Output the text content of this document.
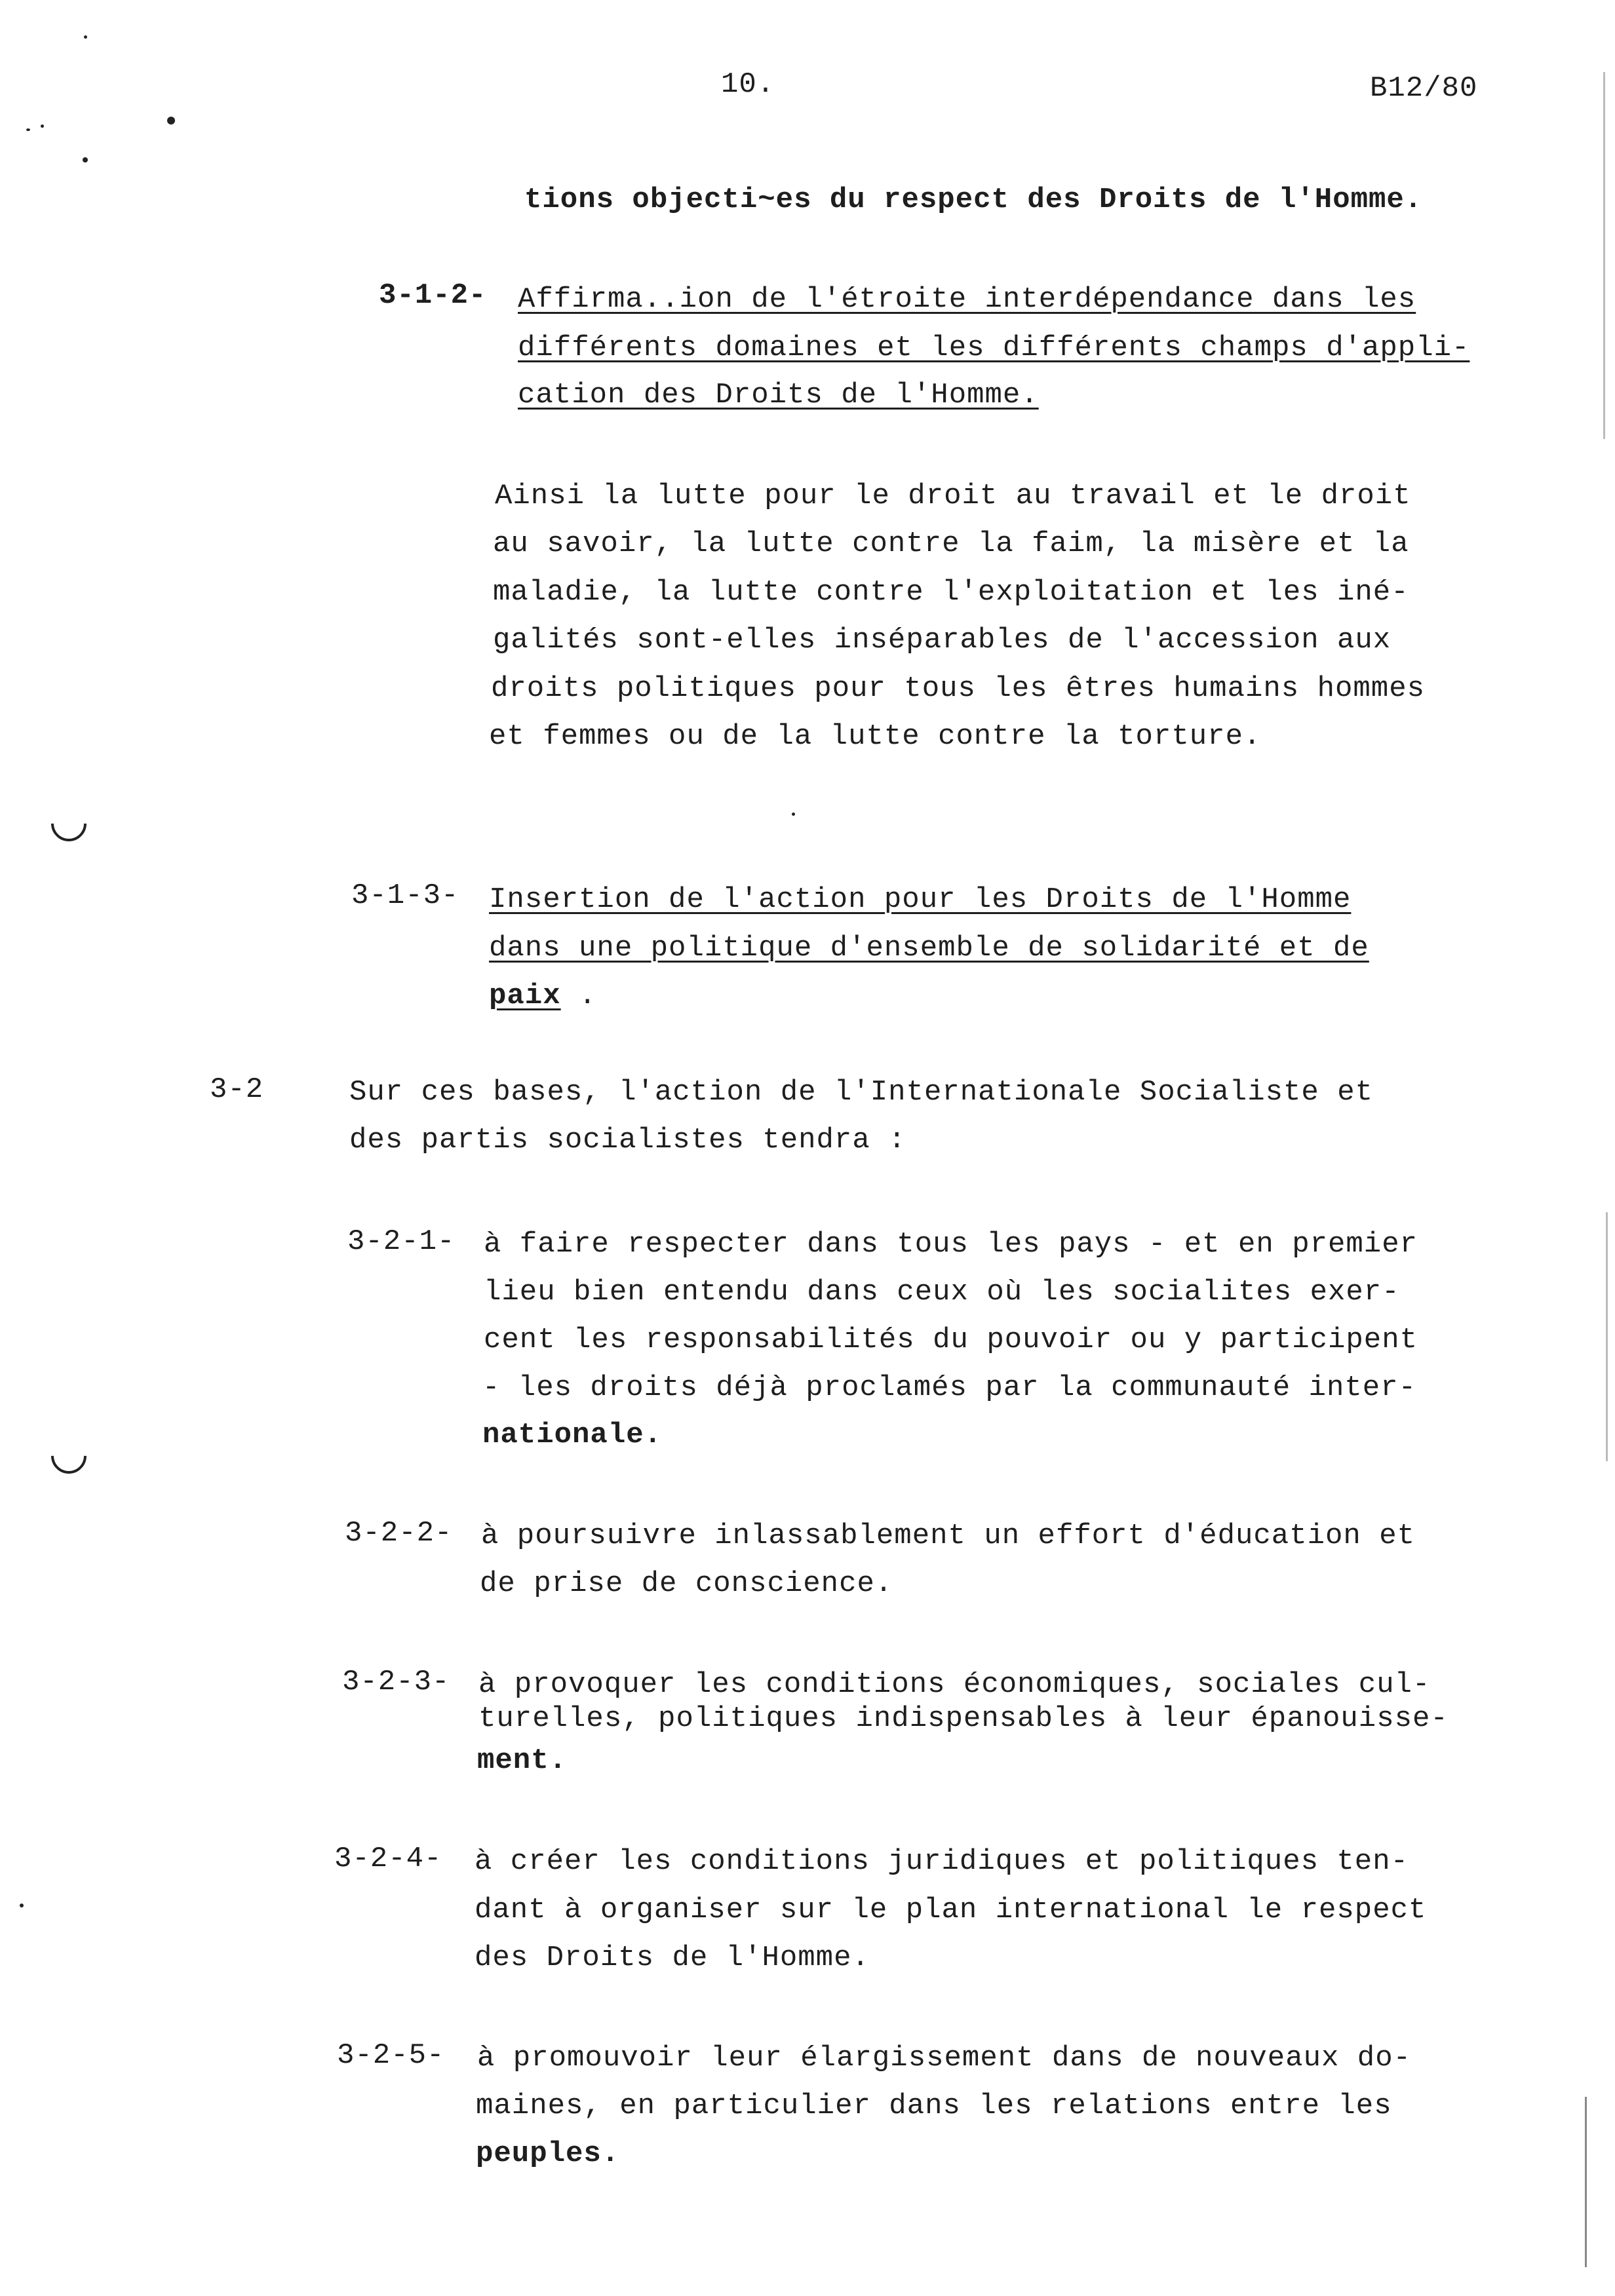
10.	B12/80
tions objecti~es du respect des Droits de l'Homme.
3-1-2- Affirma..ion de l'étroite interdépendance dans les
différents domaines et les différents champs d'appli-
cation des Droits de l'Homme.
Ainsi la lutte pour le droit au travail et le droit
au savoir, la lutte contre la faim, la misère et la
maladie, la lutte contre l'exploitation et les iné-
galités sont-elles inséparables de l'accession aux
droits politiques pour tous les êtres humains hommes
et femmes ou de la lutte contre la torture.
3-1-3- Insertion de l'action pour les Droits de l'Homme
dans une politique d'ensemble de solidarité et de
paix .
3-2	Sur ces bases, l'action de l'Internationale Socialiste et
des partis socialistes tendra :
3-2-1- à faire respecter dans tous les pays - et en premier
lieu bien entendu dans ceux où les socialites exer-
cent les responsabilités du pouvoir ou y participent
- les droits déjà proclamés par la communauté inter-
nationale.
3-2-2- à poursuivre inlassablement un effort d'éducation et
de prise de conscience.
3-2-3- à provoquer les conditions économiques, sociales cul-
turelles, politiques indispensables à leur épanouisse-
ment.
3-2-4- à créer les conditions juridiques et politiques ten-
dant à organiser sur le plan international le respect
des Droits de l'Homme.
3-2-5- à promouvoir leur élargissement dans de nouveaux do-
maines, en particulier dans les relations entre les
peuples.
